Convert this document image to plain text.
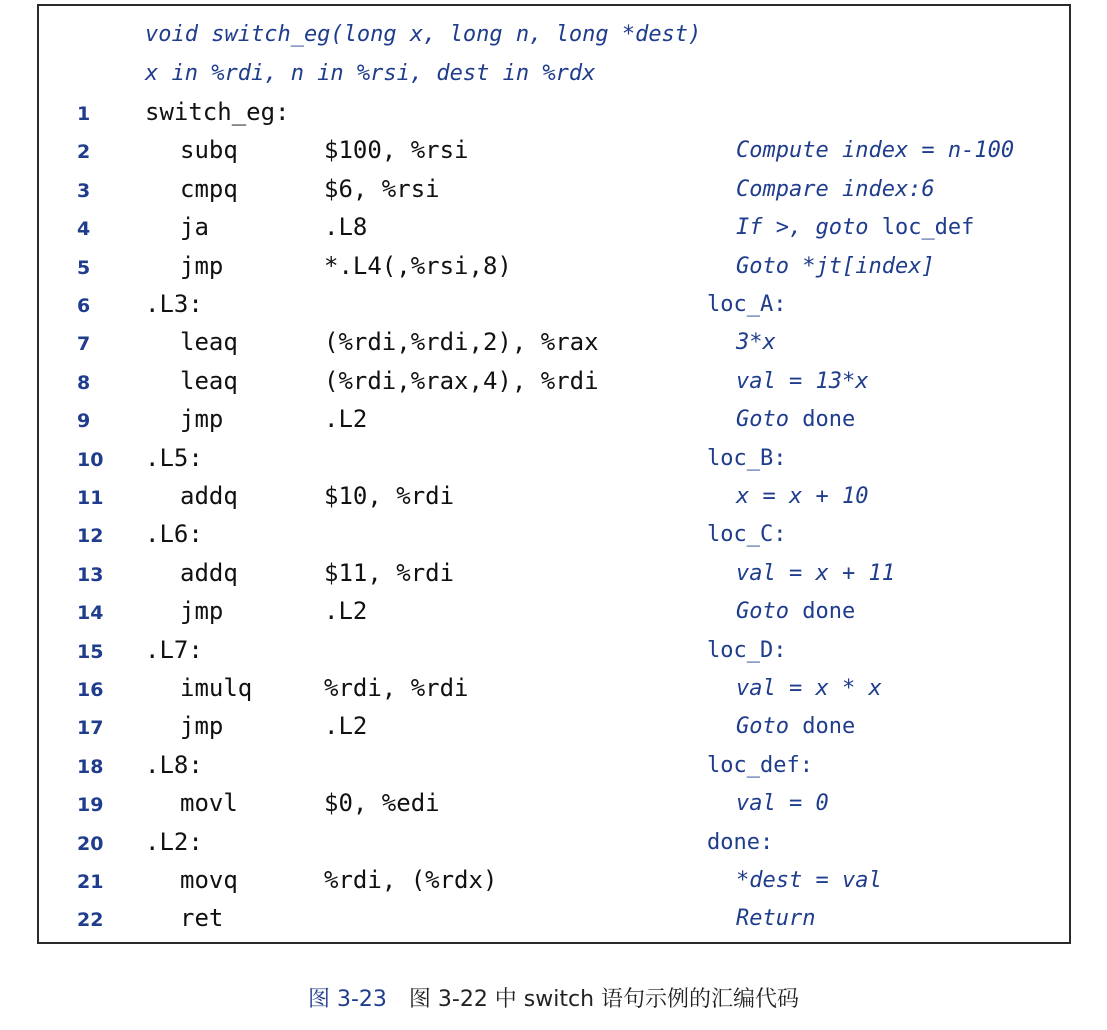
void switch_eg(long x, long n, long *dest)
x in %rdi, n in %rsi, dest in %rdx
1	switch_eg:
2	subq	$100, %rsi	Compute index = n-100
3	cmpq	$6, %rsi	Compare index:6
4	ja	.L8	If >, goto loc_def
5	jmp	*.L4(,%rsi,8)	Goto *jt[index]
6	.L3:	loc_A:
7	leaq	(%rdi,%rdi,2), %rax	3*x
8	leaq	(%rdi,%rax,4), %rdi	val = 13*x
9	jmp	.L2	Goto done
10	.L5:	loc_B:
11	addq	$10, %rdi	x = x + 10
12	.L6:	loc_C:
13	addq	$11, %rdi	val = x + 11
14	jmp	.L2	Goto done
15	.L7:	loc_D:
16	imulq	%rdi, %rdi	val = x * x
17	jmp	.L2	Goto done
18	.L8:	loc_def:
19	movl	$0, %edi	val = 0
20	.L2:	done:
21	movq	%rdi, (%rdx)	*dest = val
22	ret	Return
图 3-23 图 3-22 中 switch 语句示例的汇编代码
